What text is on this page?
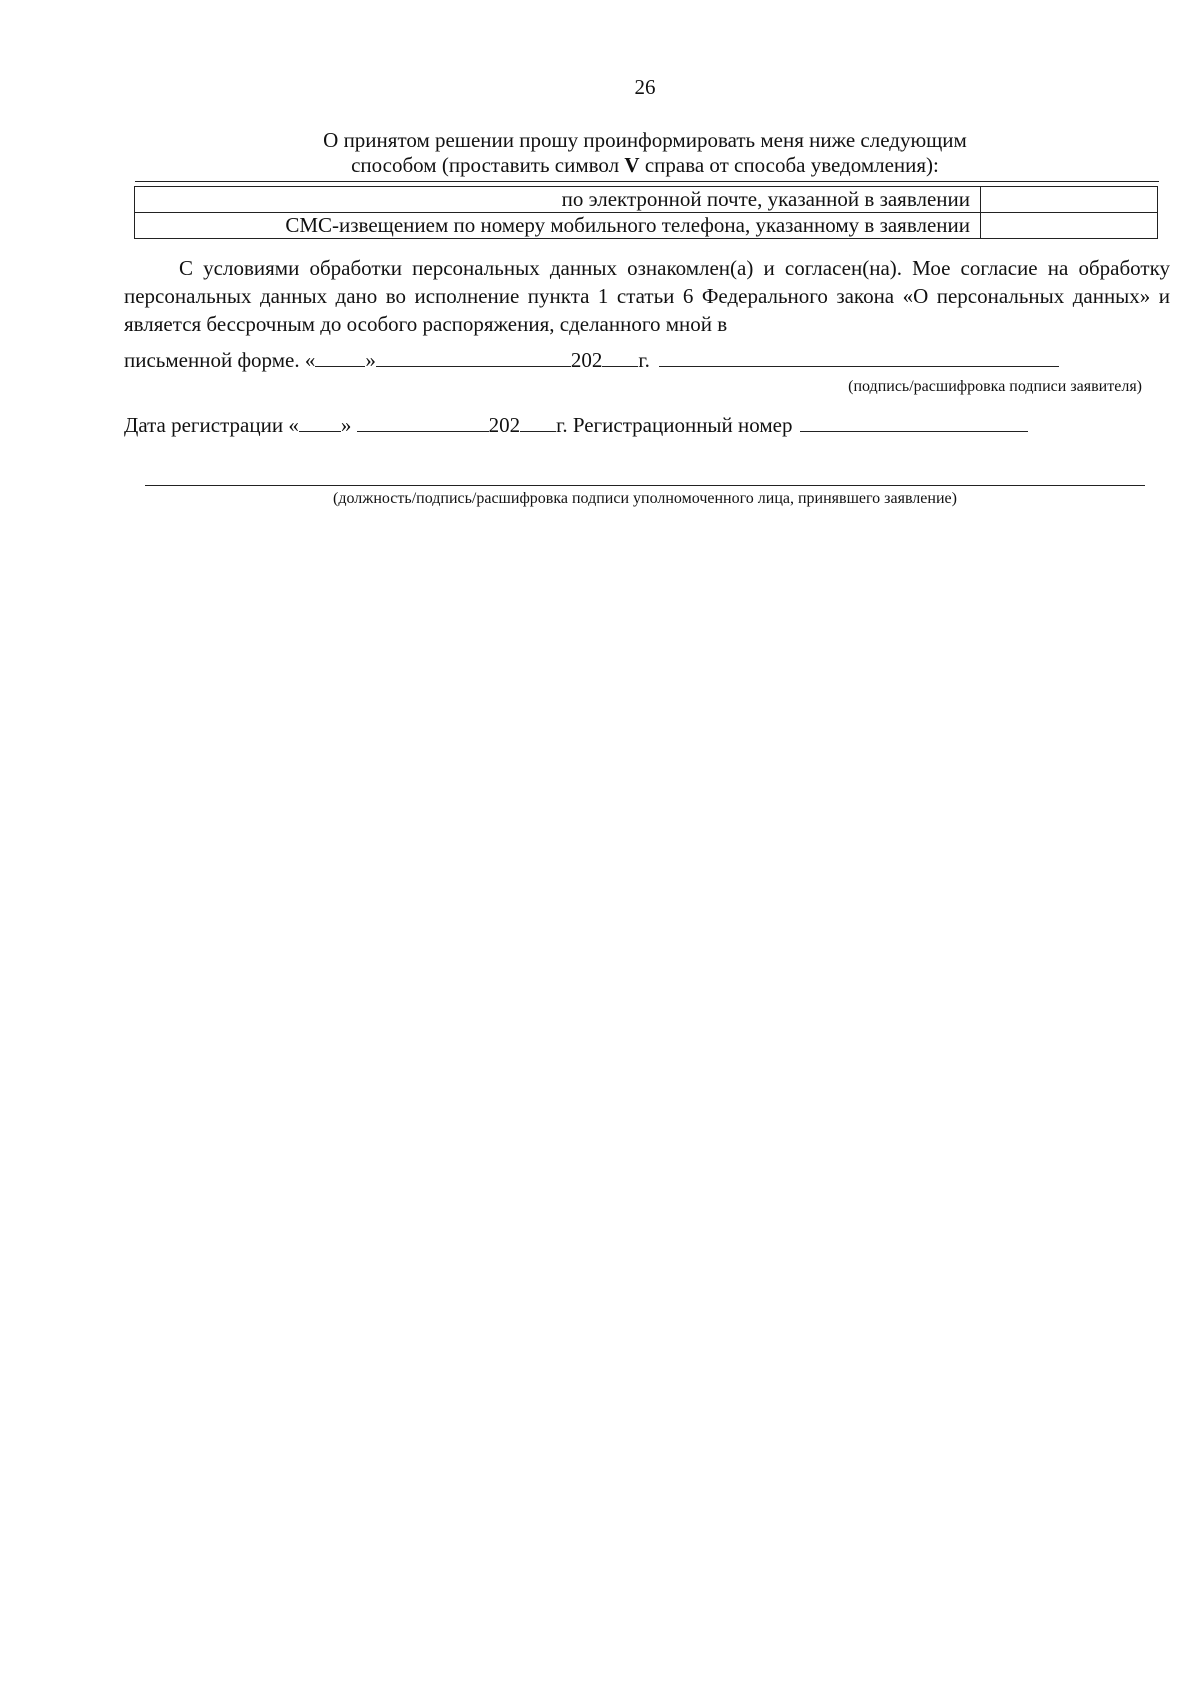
26
О принятом решении прошу проинформировать меня ниже следующим
способом (проставить символ V справа от способа уведомления):
по электронной почте, указанной в заявлении	
СМС-извещением по номеру мобильного телефона, указанному в заявлении	
С условиями обработки персональных данных ознакомлен(а) и согласен(на). Мое согласие на обработку персональных данных дано во исполнение пункта 1 статьи 6 Федерального закона «О персональных данных» и является бессрочным до особого распоряжения, сделанного мной в
письменной форме. « »	202 г.
(подпись/расшифровка подписи заявителя)
Дата регистрации « »	202 г. Регистрационный номер
(должность/подпись/расшифровка подписи уполномоченного лица, принявшего заявление)
